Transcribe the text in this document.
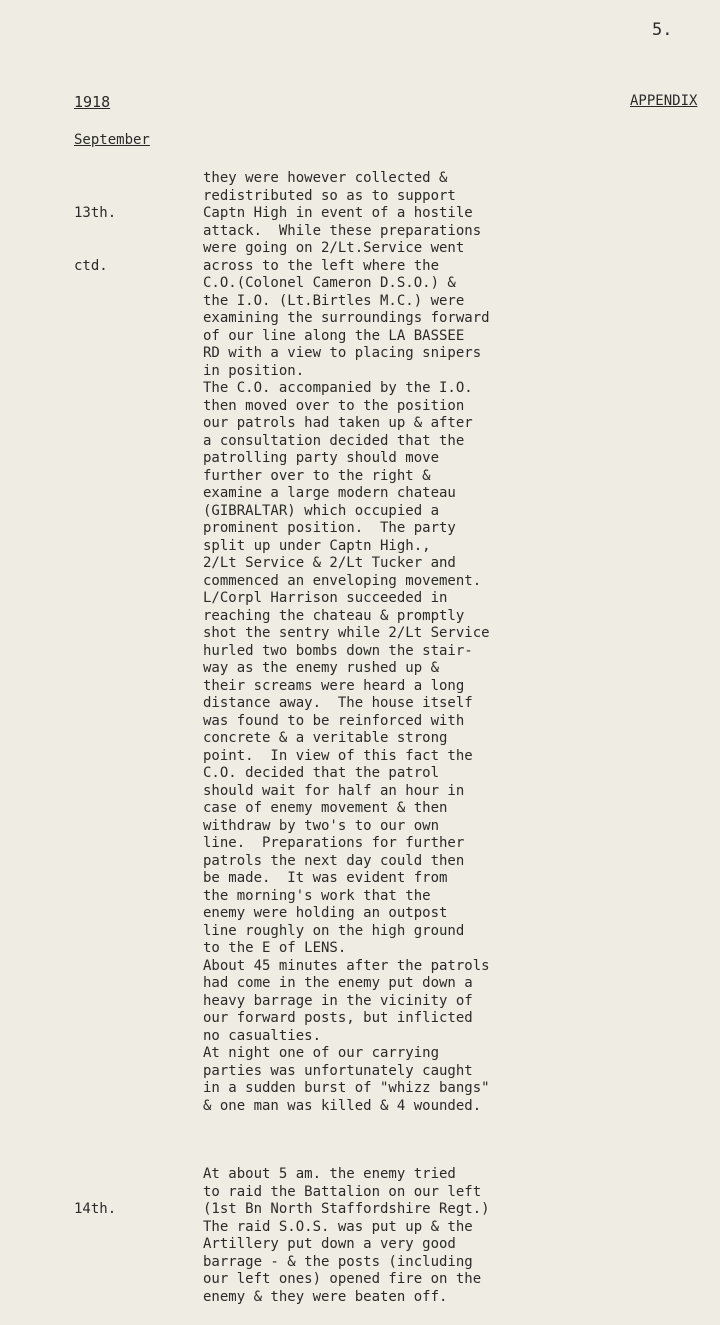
5.
1918	APPENDIX
September

13th.

ctd.

they were however collected &
redistributed so as to support
Captn High in event of a hostile
attack.  While these preparations
were going on 2/Lt.Service went
across to the left where the
C.O.(Colonel Cameron D.S.O.) &
the I.O. (Lt.Birtles M.C.) were
examining the surroundings forward
of our line along the LA BASSEE
RD with a view to placing snipers
in position.
The C.O. accompanied by the I.O.
then moved over to the position
our patrols had taken up & after
a consultation decided that the
patrolling party should move
further over to the right &
examine a large modern chateau
(GIBRALTAR) which occupied a
prominent position.  The party
split up under Captn High.,
2/Lt Service & 2/Lt Tucker and
commenced an enveloping movement.
L/Corpl Harrison succeeded in
reaching the chateau & promptly
shot the sentry while 2/Lt Service
hurled two bombs down the stair-
way as the enemy rushed up &
their screams were heard a long
distance away.  The house itself
was found to be reinforced with
concrete & a veritable strong
point.  In view of this fact the
C.O. decided that the patrol
should wait for half an hour in
case of enemy movement & then
withdraw by two's to our own
line.  Preparations for further
patrols the next day could then
be made.  It was evident from
the morning's work that the
enemy were holding an outpost
line roughly on the high ground
to the E of LENS.
About 45 minutes after the patrols
had come in the enemy put down a
heavy barrage in the vicinity of
our forward posts, but inflicted
no casualties.
At night one of our carrying
parties was unfortunately caught
in a sudden burst of "whizz bangs"
& one man was killed & 4 wounded.

14th.

At about 5 am. the enemy tried
to raid the Battalion on our left
(1st Bn North Staffordshire Regt.)
The raid S.O.S. was put up & the
Artillery put down a very good
barrage - & the posts (including
our left ones) opened fire on the
enemy & they were beaten off.
